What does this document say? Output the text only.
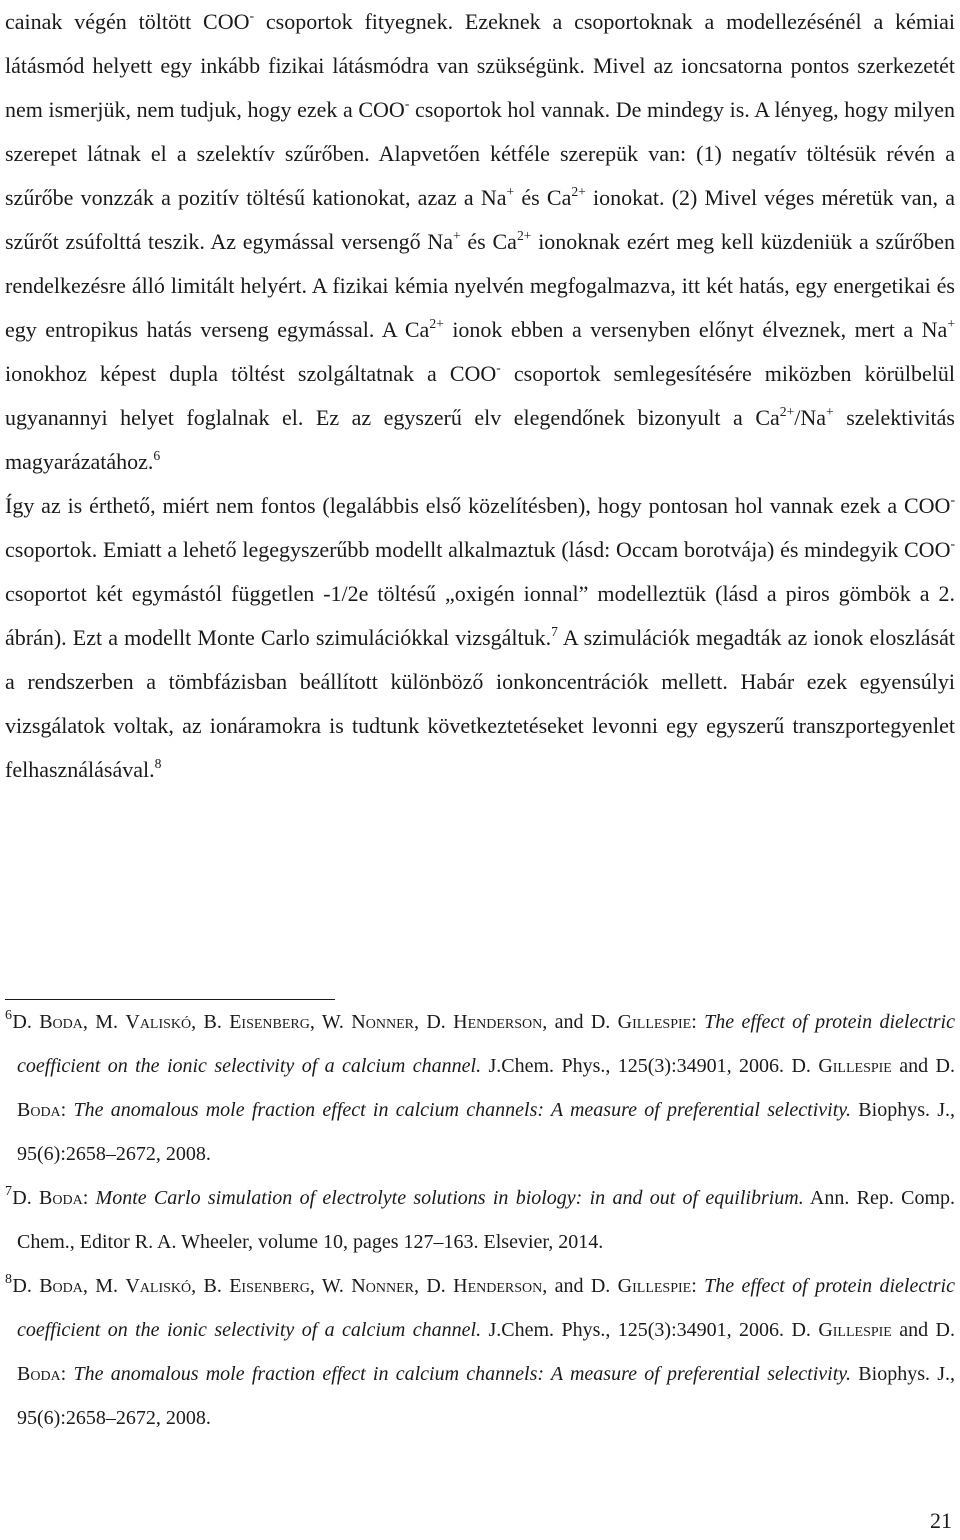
cainak végén töltött COO- csoportok fityegnek. Ezeknek a csoportoknak a modellezésénél a kémiai látásmód helyett egy inkább fizikai látásmódra van szükségünk. Mivel az ioncsatorna pontos szerkezetét nem ismerjük, nem tudjuk, hogy ezek a COO- csoportok hol vannak. De mindegy is. A lényeg, hogy milyen szerepet látnak el a szelektív szűrőben. Alapvetően kétféle szerepük van: (1) negatív töltésük révén a szűrőbe vonzzák a pozitív töltésű kationokat, azaz a Na+ és $Ca^{2+}$ ionokat. (2) Mivel véges méretük van, a szűrőt zsúfolttá teszik. Az egymással versengő Na+ és $Ca^{2+}$ ionoknak ezért meg kell küzdeniük a szűrőben rendelkezésre álló limitált helyért. A fizikai kémia nyelvén megfogalmazva, itt két hatás, egy energetikai és egy entropikus hatás verseng egymással. A $Ca^{2+}$ ionok ebben a versenyben előnyt élveznek, mert a Na+ ionokhoz képest dupla töltést szolgáltatnak a COO- csoportok semlegesítésére miközben körülbelül ugyanannyi helyet foglalnak el. Ez az egyszerű elv elegendőnek bizonyult a $Ca^{2+}/Na^+$ szelektivitás magyarázatához.$^6$

Így az is érthető, miért nem fontos (legalábbis első közelítésben), hogy pontosan hol vannak ezek a COO- csoportok. Emiatt a lehető legegyszerűbb modellt alkalmaztuk (lásd: Occam borotvája) és mindegyik COO- csoportot két egymástól független -1/2e töltésű „oxigén ionnal” modelleztük (lásd a piros gömbök a 2. ábrán). Ezt a modellt Monte Carlo szimulációkkal vizsgáltuk.$^7$ A szimulációk megadták az ionok eloszlását a rendszerben a tömbfázisban beállított különböző ionkoncentrációk mellett. Habár ezek egyensúlyi vizsgálatok voltak, az ionáramokra is tudtunk következtetéseket levonni egy egyszerű transzportegyenlet felhasználásával.$^8$

$^6$ D. Boda, M. Valiskó, B. Eisenberg, W. Nonner, D. Henderson, and D. Gillespie: The effect of protein dielectric coefficient on the ionic selectivity of a calcium channel. J.Chem. Phys., 125(3):34901, 2006. D. Gillespie and D. Boda: The anomalous mole fraction effect in calcium channels: A measure of preferential selectivity. Biophys. J., 95(6):2658–2672, 2008.

$^7$ D. Boda: Monte Carlo simulation of electrolyte solutions in biology: in and out of equilibrium. Ann. Rep. Comp. Chem., Editor R. A. Wheeler, volume 10, pages 127–163. Elsevier, 2014.

$^8$ D. Boda, M. Valiskó, B. Eisenberg, W. Nonner, D. Henderson, and D. Gillespie: The effect of protein dielectric coefficient on the ionic selectivity of a calcium channel. J.Chem. Phys., 125(3):34901, 2006. D. Gillespie and D. Boda: The anomalous mole fraction effect in calcium channels: A measure of preferential selectivity. Biophys. J., 95(6):2658–2672, 2008.

21
